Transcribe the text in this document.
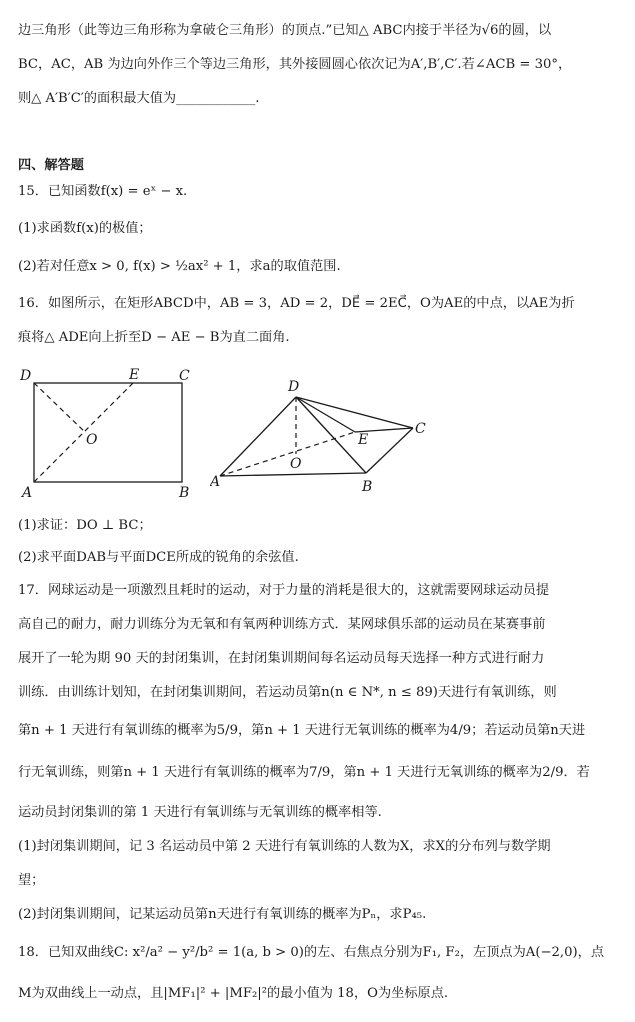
边三角形（此等边三角形称为拿破仑三角形）的顶点.”已知△ ABC内接于半径为√6的圆，以
BC，AC，AB 为边向外作三个等边三角形，其外接圆圆心依次记为A′,B′,C′.若∠ACB = 30°，
则△ A′B′C′的面积最大值为____________.
四、解答题
15．已知函数f(x) = eˣ − x.
(1)求函数f(x)的极值；
(2)若对任意x > 0, f(x) > ½ax² + 1，求a的取值范围.
16．如图所示，在矩形ABCD中，AB = 3，AD = 2，DE⃗ = 2EC⃗，O为AE的中点，以AE为折
痕将△ ADE向上折至D − AE − B为直二面角.
D	E	C
O
A	B
D
E
C
O
A	B
(1)求证：DO ⊥ BC；
(2)求平面DAB与平面DCE所成的锐角的余弦值.
17．网球运动是一项激烈且耗时的运动，对于力量的消耗是很大的，这就需要网球运动员提
高自己的耐力，耐力训练分为无氧和有氧两种训练方式．某网球俱乐部的运动员在某赛事前
展开了一轮为期 90 天的封闭集训，在封闭集训期间每名运动员每天选择一种方式进行耐力
训练．由训练计划知，在封闭集训期间，若运动员第n(n ∈ N*, n ≤ 89)天进行有氧训练，则
第n + 1 天进行有氧训练的概率为5/9，第n + 1 天进行无氧训练的概率为4/9；若运动员第n天进
行无氧训练，则第n + 1 天进行有氧训练的概率为7/9，第n + 1 天进行无氧训练的概率为2/9．若
运动员封闭集训的第 1 天进行有氧训练与无氧训练的概率相等.
(1)封闭集训期间，记 3 名运动员中第 2 天进行有氧训练的人数为X，求X的分布列与数学期
望；
(2)封闭集训期间，记某运动员第n天进行有氧训练的概率为Pₙ，求P₄₅.
18．已知双曲线C: x²/a² − y²/b² = 1(a, b > 0)的左、右焦点分别为F₁, F₂，左顶点为A(−2,0)，点
M为双曲线上一动点，且|MF₁|² + |MF₂|²的最小值为 18，O为坐标原点.
